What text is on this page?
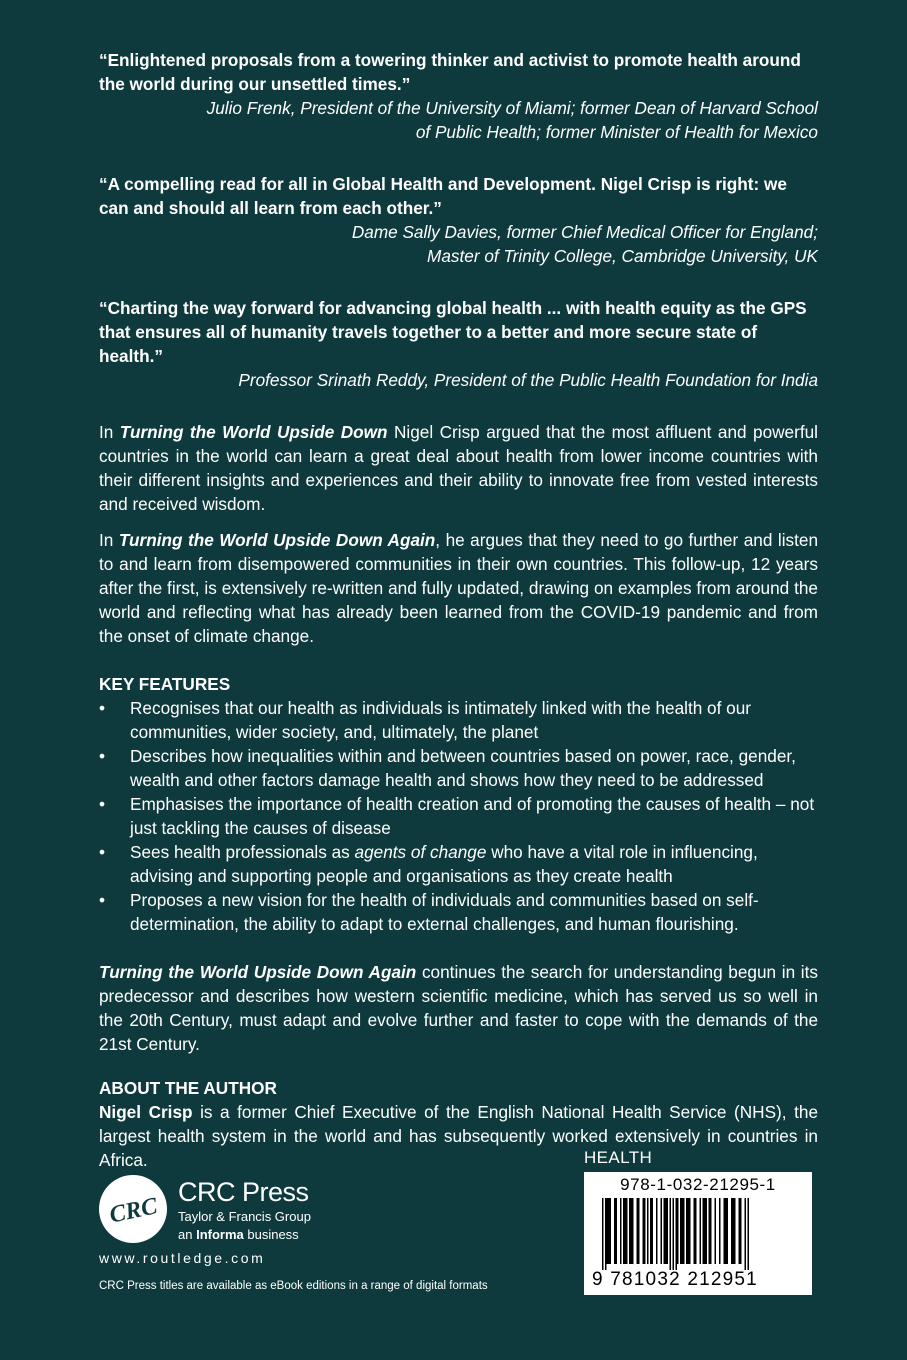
“Enlightened proposals from a towering thinker and activist to promote health around the world during our unsettled times.”
Julio Frenk, President of the University of Miami; former Dean of Harvard School
of Public Health; former Minister of Health for Mexico
“A compelling read for all in Global Health and Development. Nigel Crisp is right: we can and should all learn from each other.”
Dame Sally Davies, former Chief Medical Officer for England;
Master of Trinity College, Cambridge University, UK
“Charting the way forward for advancing global health ... with health equity as the GPS that ensures all of humanity travels together to a better and more secure state of health.”
Professor Srinath Reddy, President of the Public Health Foundation for India

In Turning the World Upside Down Nigel Crisp argued that the most affluent and powerful countries in the world can learn a great deal about health from lower income countries with their different insights and experiences and their ability to innovate free from vested interests and received wisdom.

In Turning the World Upside Down Again, he argues that they need to go further and listen to and learn from disempowered communities in their own countries. This follow-up, 12 years after the first, is extensively re-written and fully updated, drawing on examples from around the world and reflecting what has already been learned from the COVID-19 pandemic and from the onset of climate change.

KEY FEATURES
• Recognises that our health as individuals is intimately linked with the health of our communities, wider society, and, ultimately, the planet
• Describes how inequalities within and between countries based on power, race, gender, wealth and other factors damage health and shows how they need to be addressed
• Emphasises the importance of health creation and of promoting the causes of health – not just tackling the causes of disease
• Sees health professionals as agents of change who have a vital role in influencing, advising and supporting people and organisations as they create health
• Proposes a new vision for the health of individuals and communities based on self-determination, the ability to adapt to external challenges, and human flourishing.

Turning the World Upside Down Again continues the search for understanding begun in its predecessor and describes how western scientific medicine, which has served us so well in the 20th Century, must adapt and evolve further and faster to cope with the demands of the 21st Century.

ABOUT THE AUTHOR

Nigel Crisp is a former Chief Executive of the English National Health Service (NHS), the largest health system in the world and has subsequently worked extensively in countries in Africa.

CRC
CRC Press
Taylor & Francis Group
an Informa business
www.routledge.com
CRC Press titles are available as eBook editions in a range of digital formats
HEALTH
978-1-032-21295-1
9 781032 212951
